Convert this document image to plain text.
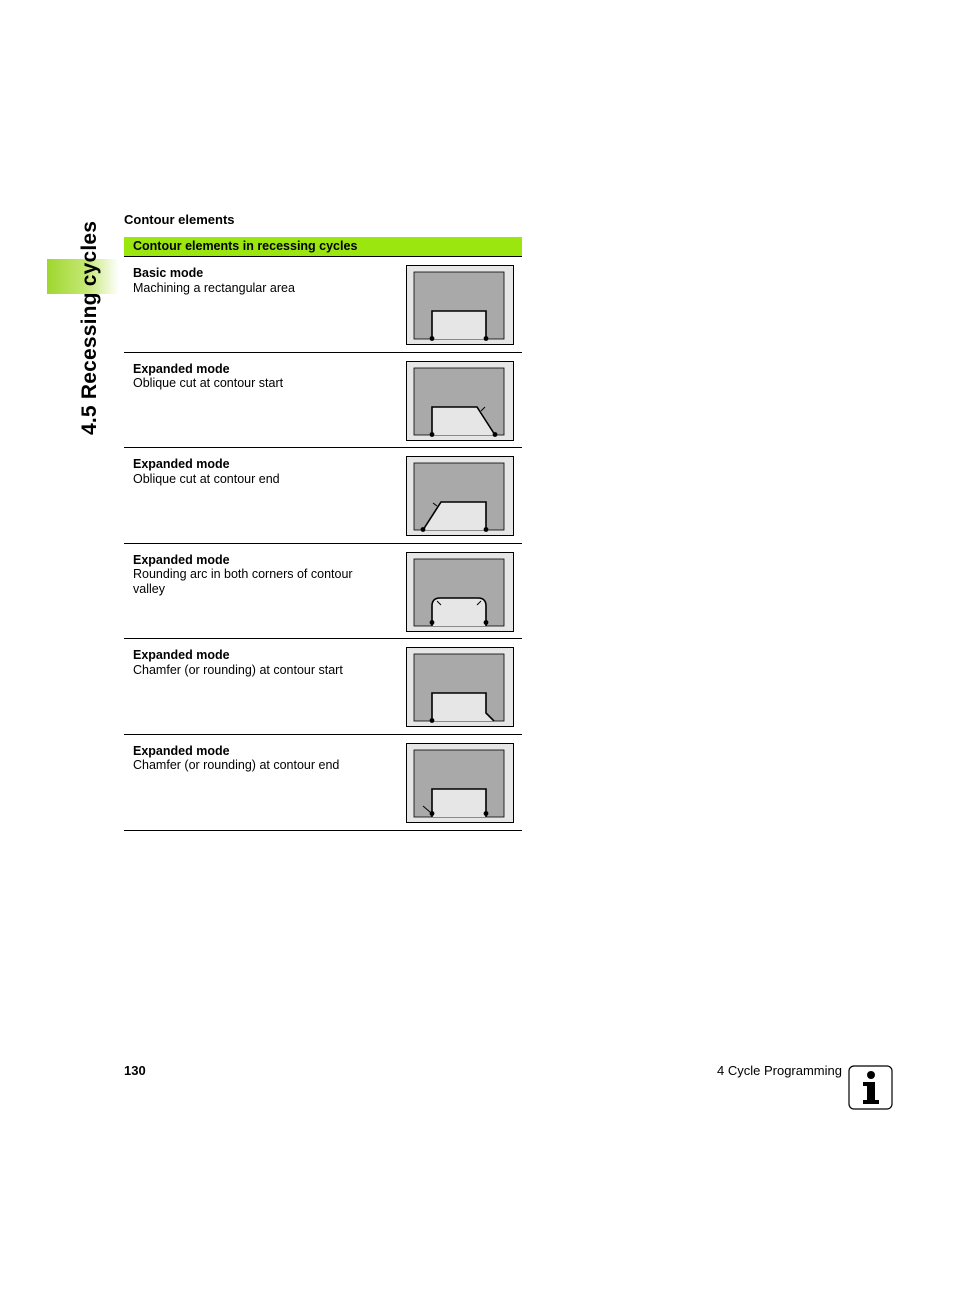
4.5 Recessing cycles
Contour elements
Contour elements in recessing cycles
Basic mode
Machining a rectangular area
Expanded mode
Oblique cut at contour start
Expanded mode
Oblique cut at contour end
Expanded mode
Rounding arc in both corners of contour valley
Expanded mode
Chamfer (or rounding) at contour start
Expanded mode
Chamfer (or rounding) at contour end
130	4 Cycle Programming
